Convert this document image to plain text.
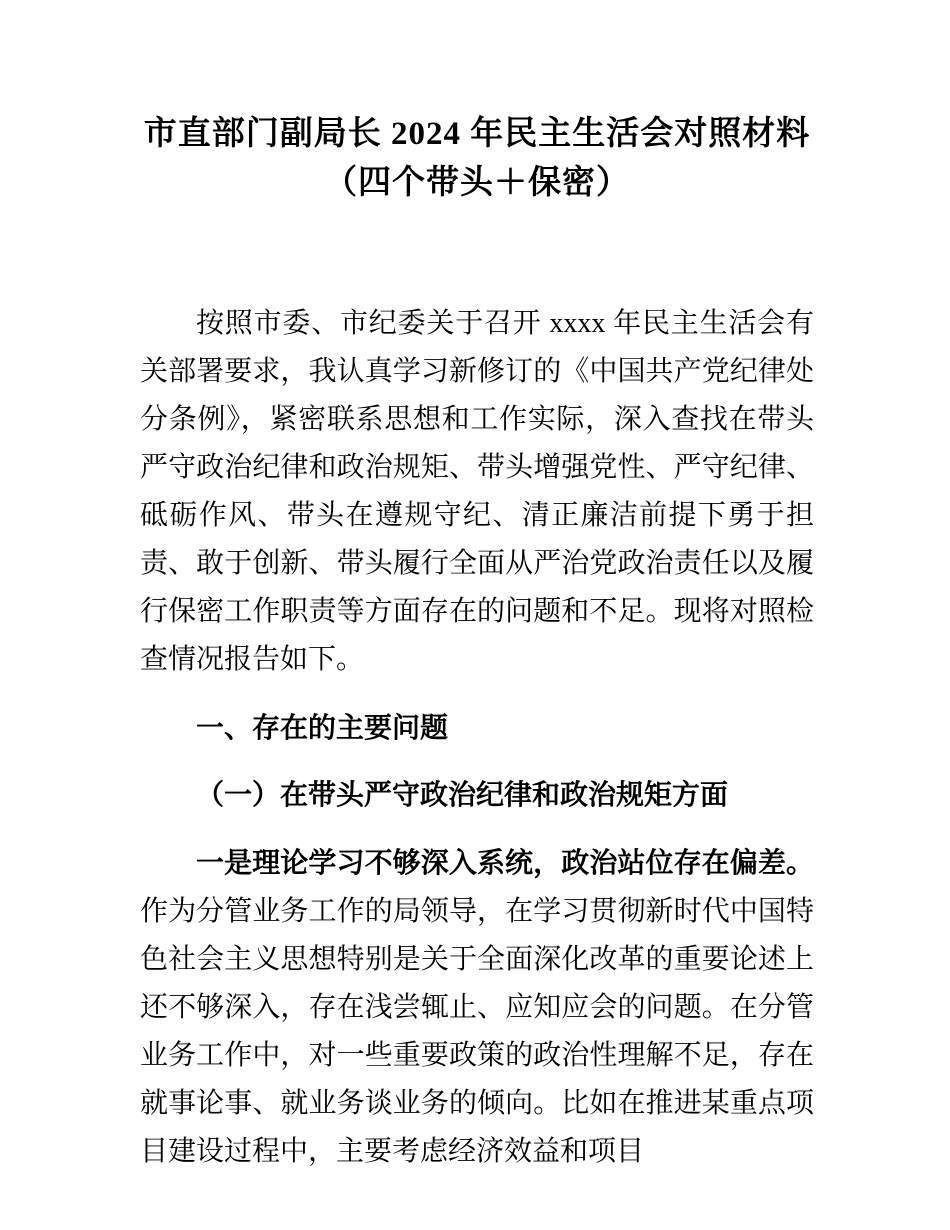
市直部门副局长 2024 年民主生活会对照材料
（四个带头＋保密）

按照市委、市纪委关于召开 xxxx 年民主生活会有关部署要求，我认真学习新修订的《中国共产党纪律处分条例》，紧密联系思想和工作实际，深入查找在带头严守政治纪律和政治规矩、带头增强党性、严守纪律、砥砺作风、带头在遵规守纪、清正廉洁前提下勇于担责、敢于创新、带头履行全面从严治党政治责任以及履行保密工作职责等方面存在的问题和不足。现将对照检查情况报告如下。

一、存在的主要问题

（一）在带头严守政治纪律和政治规矩方面

一是理论学习不够深入系统，政治站位存在偏差。作为分管业务工作的局领导，在学习贯彻新时代中国特色社会主义思想特别是关于全面深化改革的重要论述上还不够深入，存在浅尝辄止、应知应会的问题。在分管业务工作中，对一些重要政策的政治性理解不足，存在就事论事、就业务谈业务的倾向。比如在推进某重点项目建设过程中，主要考虑经济效益和项目
